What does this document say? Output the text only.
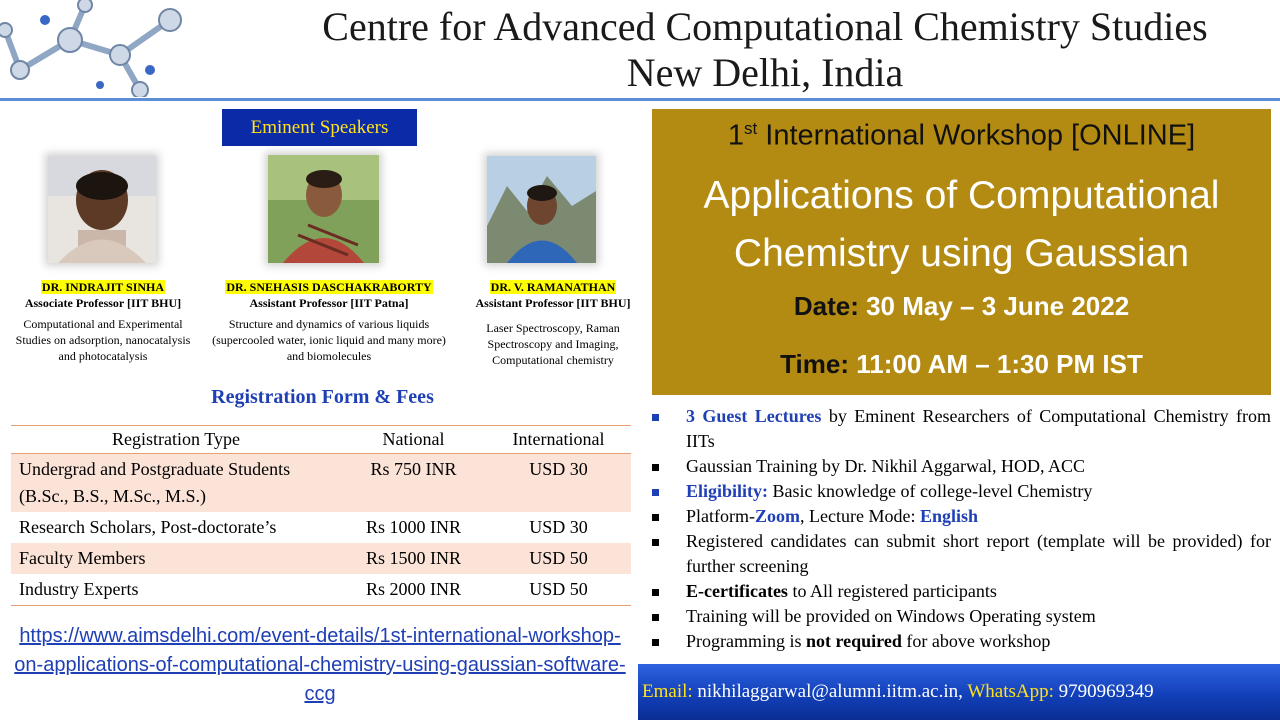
Centre for Advanced Computational Chemistry Studies
New Delhi, India
Eminent Speakers
DR. INDRAJIT SINHA
Associate Professor [IIT BHU]
Computational and Experimental Studies on adsorption, nanocatalysis and photocatalysis
DR. SNEHASIS DASCHAKRABORTY
Assistant Professor [IIT Patna]
Structure and dynamics of various liquids (supercooled water, ionic liquid and many more) and biomolecules
DR. V. RAMANATHAN
Assistant Professor [IIT BHU]
Laser Spectroscopy, Raman Spectroscopy and Imaging, Computational chemistry
Registration Form & Fees
Registration Type	National	International
Undergrad and Postgraduate Students (B.Sc., B.S., M.Sc., M.S.)	Rs 750 INR	USD 30
Research Scholars, Post-doctorate’s	Rs 1000 INR	USD 30
Faculty Members	Rs 1500 INR	USD 50
Industry Experts	Rs 2000 INR	USD 50
https://www.aimsdelhi.com/event-details/1st-international-workshop-on-applications-of-computational-chemistry-using-gaussian-software-ccg
1st International Workshop [ONLINE]
Applications of Computational Chemistry using Gaussian
Date: 30 May – 3 June 2022
Time: 11:00 AM – 1:30 PM IST
3 Guest Lectures by Eminent Researchers of Computational Chemistry from IITs
Gaussian Training by Dr. Nikhil Aggarwal, HOD, ACC
Eligibility: Basic knowledge of college-level Chemistry
Platform-Zoom, Lecture Mode: English
Registered candidates can submit short report (template will be provided) for further screening
E-certificates to All registered participants
Training will be provided on Windows Operating system
Programming is not required for above workshop
Email: nikhilaggarwal@alumni.iitm.ac.in, WhatsApp: 9790969349
